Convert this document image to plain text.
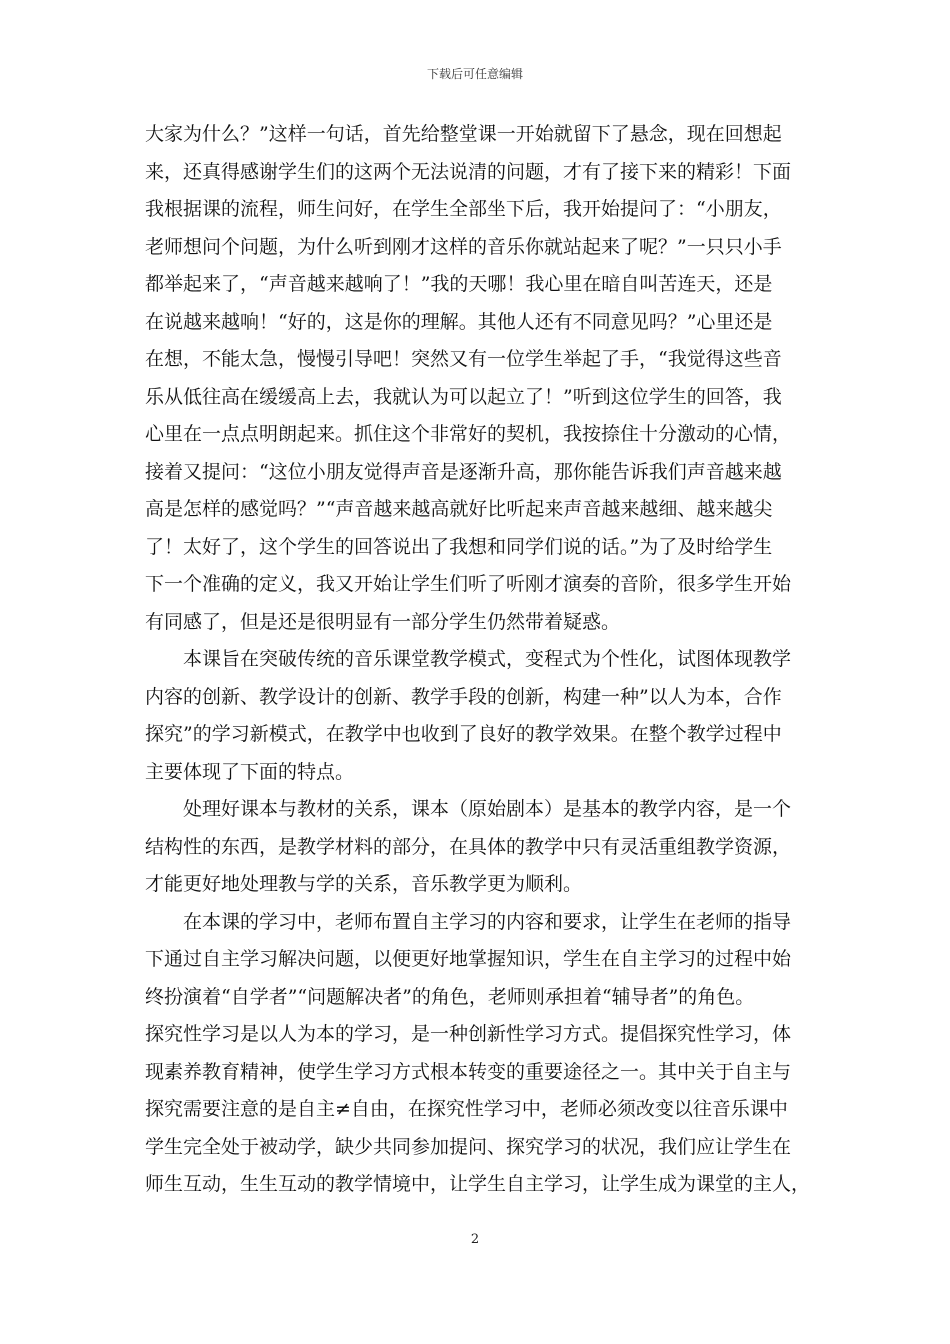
下载后可任意编辑
大家为什么？”这样一句话，首先给整堂课一开始就留下了悬念，现在回想起
来，还真得感谢学生们的这两个无法说清的问题，才有了接下来的精彩！下面
我根据课的流程，师生问好，在学生全部坐下后，我开始提问了：“小朋友，
老师想问个问题，为什么听到刚才这样的音乐你就站起来了呢？”一只只小手
都举起来了，“声音越来越响了！”我的天哪！我心里在暗自叫苦连天，还是
在说越来越响！“好的，这是你的理解。其他人还有不同意见吗？”心里还是
在想，不能太急，慢慢引导吧！突然又有一位学生举起了手，“我觉得这些音
乐从低往高在缓缓高上去，我就认为可以起立了！”听到这位学生的回答，我
心里在一点点明朗起来。抓住这个非常好的契机，我按捺住十分激动的心情，
接着又提问：“这位小朋友觉得声音是逐渐升高，那你能告诉我们声音越来越
高是怎样的感觉吗？”“声音越来越高就好比听起来声音越来越细、越来越尖
了！太好了，这个学生的回答说出了我想和同学们说的话。”为了及时给学生
下一个准确的定义，我又开始让学生们听了听刚才演奏的音阶，很多学生开始
有同感了，但是还是很明显有一部分学生仍然带着疑惑。
本课旨在突破传统的音乐课堂教学模式，变程式为个性化，试图体现教学
内容的创新、教学设计的创新、教学手段的创新，构建一种”以人为本，合作
探究”的学习新模式，在教学中也收到了良好的教学效果。在整个教学过程中
主要体现了下面的特点。
处理好课本与教材的关系，课本（原始剧本）是基本的教学内容，是一个
结构性的东西，是教学材料的部分，在具体的教学中只有灵活重组教学资源，
才能更好地处理教与学的关系，音乐教学更为顺利。
在本课的学习中，老师布置自主学习的内容和要求，让学生在老师的指导
下通过自主学习解决问题，以便更好地掌握知识，学生在自主学习的过程中始
终扮演着“自学者”“问题解决者”的角色，老师则承担着“辅导者”的角色。
探究性学习是以人为本的学习，是一种创新性学习方式。提倡探究性学习，体
现素养教育精神，使学生学习方式根本转变的重要途径之一。其中关于自主与
探究需要注意的是自主≠自由，在探究性学习中，老师必须改变以往音乐课中
学生完全处于被动学，缺少共同参加提问、探究学习的状况，我们应让学生在
师生互动，生生互动的教学情境中，让学生自主学习，让学生成为课堂的主人，
2
